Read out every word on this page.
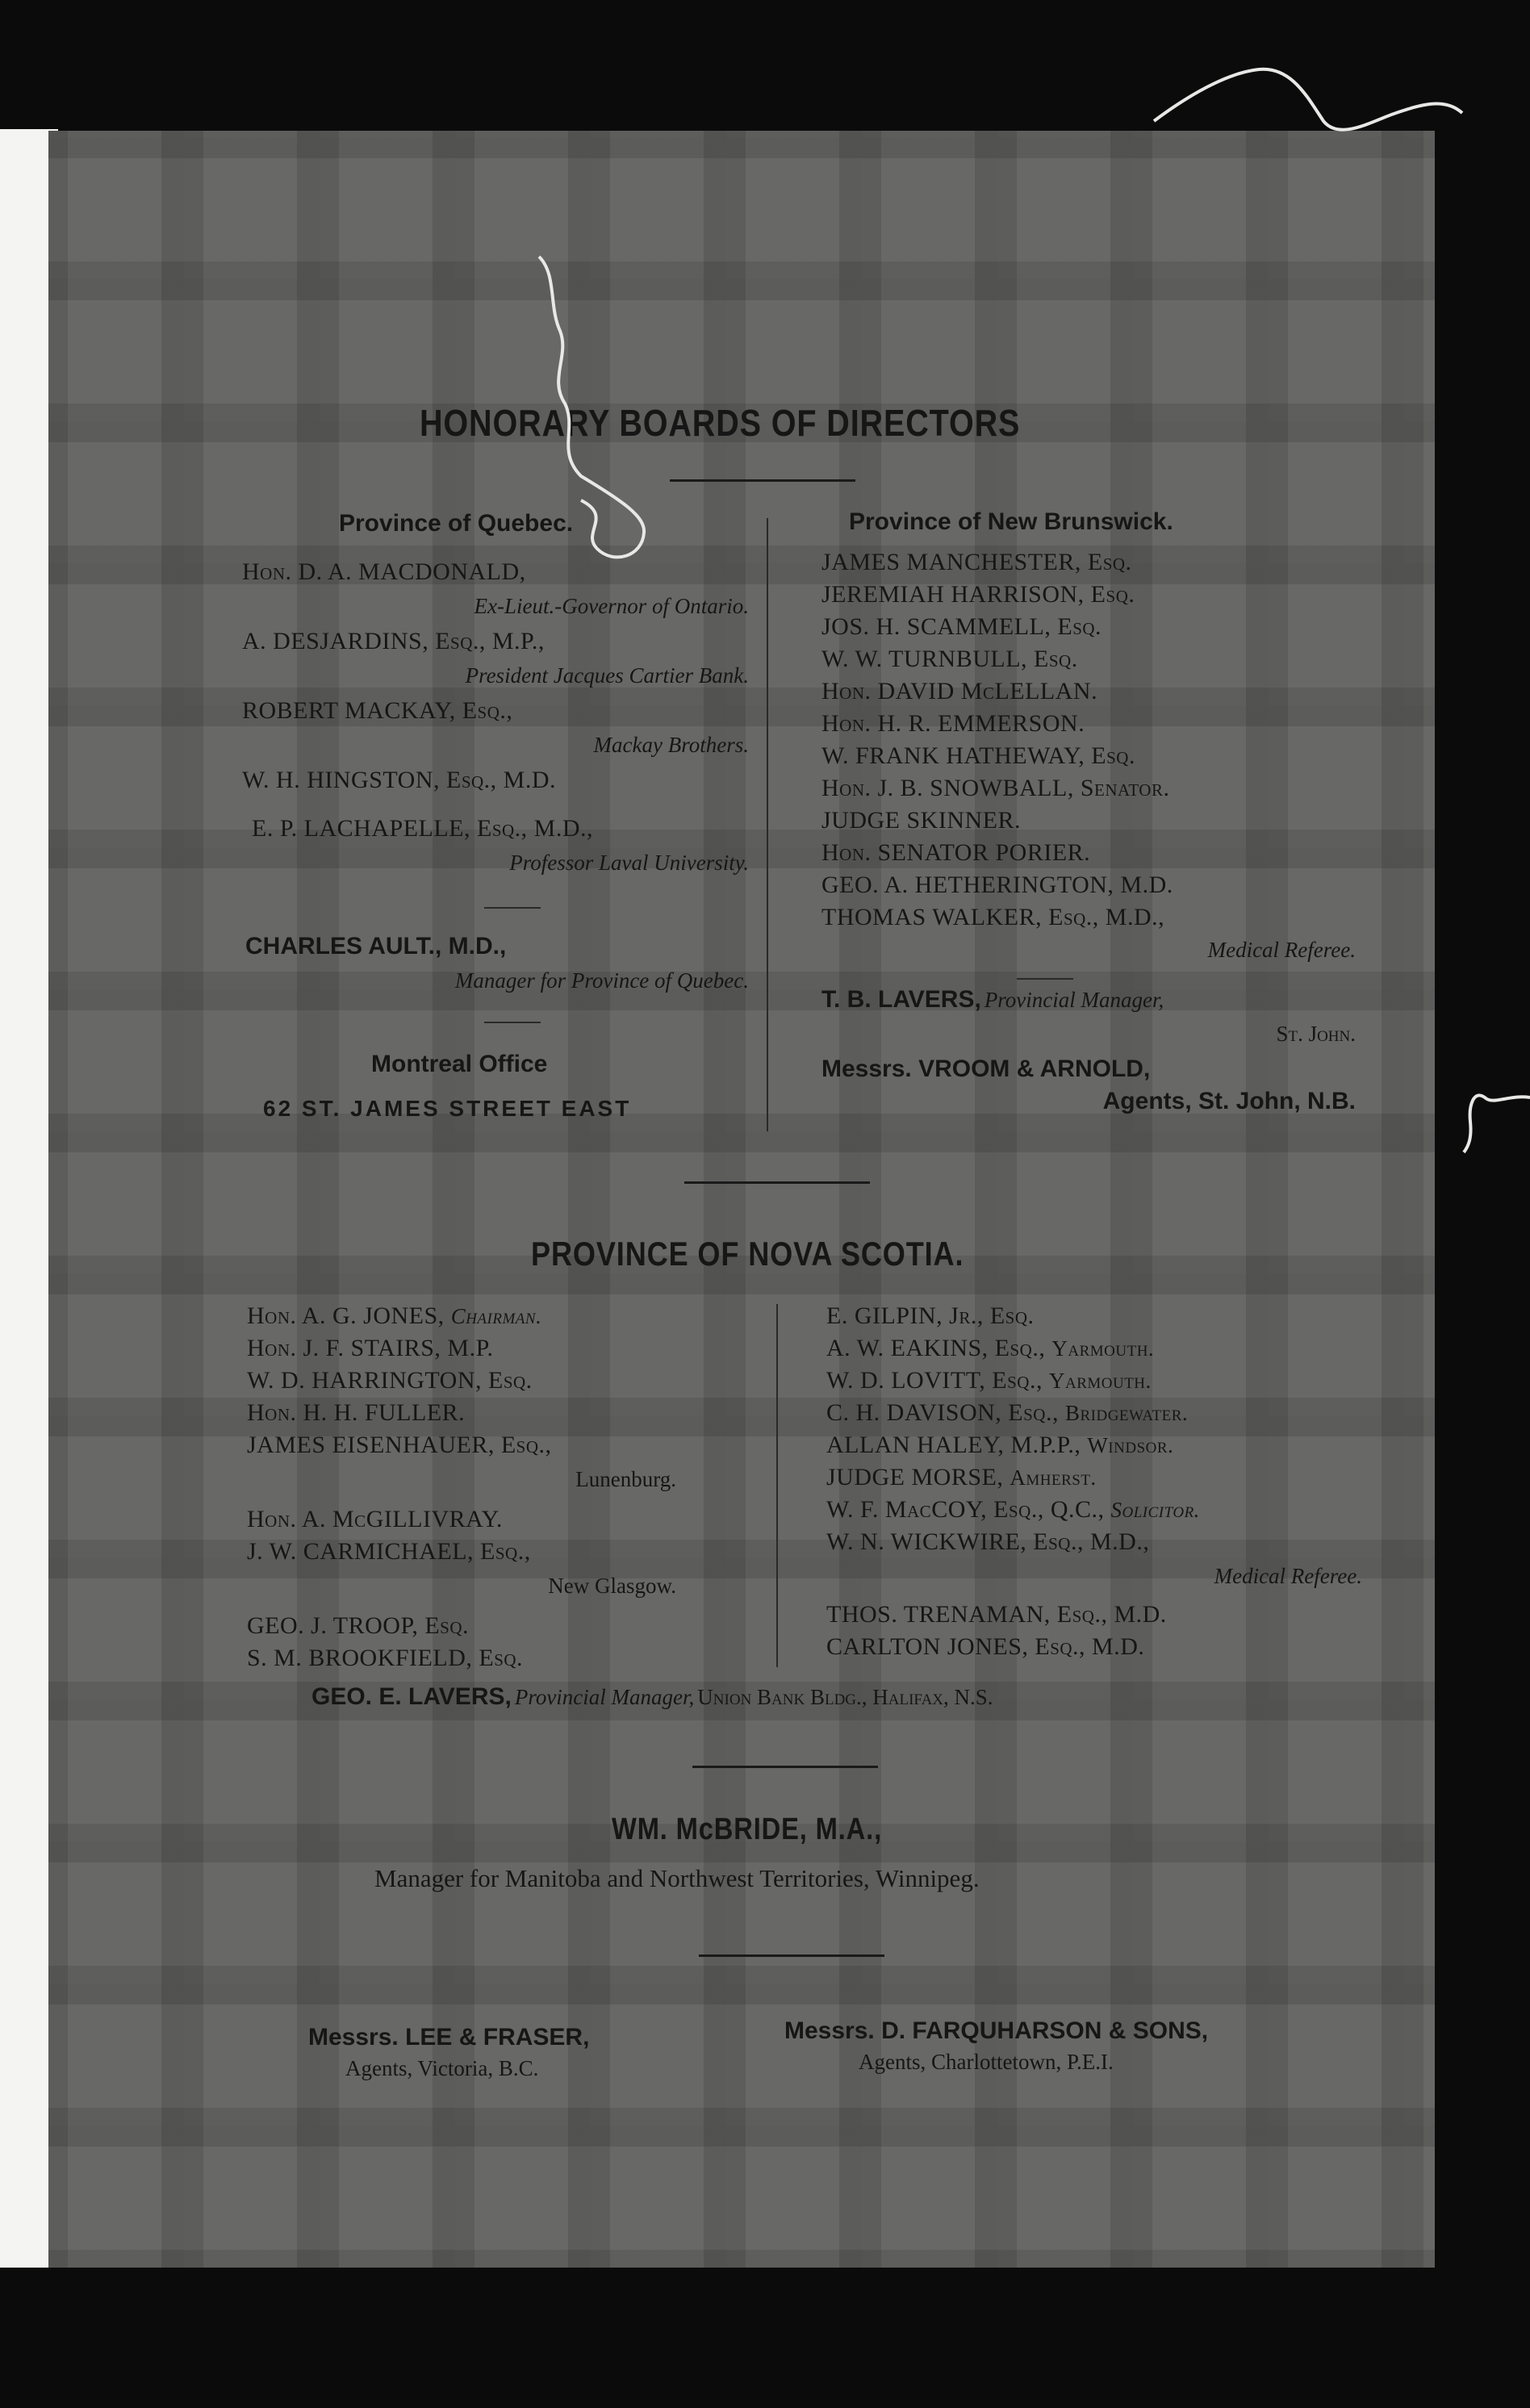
HONORARY BOARDS OF DIRECTORS
Province of Quebec.
Hon. D. A. MACDONALD,
Ex-Lieut.-Governor of Ontario.
A. DESJARDINS, Esq., M.P.,
President Jacques Cartier Bank.
ROBERT MACKAY, Esq.,
Mackay Brothers.
W. H. HINGSTON, Esq., M.D.
E. P. LACHAPELLE, Esq., M.D.,
Professor Laval University.
CHARLES AULT., M.D.,
Manager for Province of Quebec.
Montreal Office
62 ST. JAMES STREET EAST
Province of New Brunswick.
JAMES MANCHESTER, Esq.
JEREMIAH HARRISON, Esq.
JOS. H. SCAMMELL, Esq.
W. W. TURNBULL, Esq.
Hon. DAVID McLELLAN.
Hon. H. R. EMMERSON.
W. FRANK HATHEWAY, Esq.
Hon. J. B. SNOWBALL, Senator.
JUDGE SKINNER.
Hon. SENATOR PORIER.
GEO. A. HETHERINGTON, M.D.
THOMAS WALKER, Esq., M.D.,
Medical Referee.
T. B. LAVERS, Provincial Manager,
St. John.
Messrs. VROOM & ARNOLD,
Agents, St. John, N.B.
PROVINCE OF NOVA SCOTIA.
Hon. A. G. JONES, Chairman.
Hon. J. F. STAIRS, M.P.
W. D. HARRINGTON, Esq.
Hon. H. H. FULLER.
JAMES EISENHAUER, Esq.,
Lunenburg.
Hon. A. McGILLIVRAY.
J. W. CARMICHAEL, Esq.,
New Glasgow.
GEO. J. TROOP, Esq.
S. M. BROOKFIELD, Esq.
E. GILPIN, Jr., Esq.
A. W. EAKINS, Esq., Yarmouth.
W. D. LOVITT, Esq., Yarmouth.
C. H. DAVISON, Esq., Bridgewater.
ALLAN HALEY, M.P.P., Windsor.
JUDGE MORSE, Amherst.
W. F. MacCOY, Esq., Q.C., Solicitor.
W. N. WICKWIRE, Esq., M.D.,
Medical Referee.
THOS. TRENAMAN, Esq., M.D.
CARLTON JONES, Esq., M.D.
GEO. E. LAVERS, Provincial Manager, Union Bank Bldg., Halifax, N.S.
WM. McBRIDE, M.A.,
Manager for Manitoba and Northwest Territories, Winnipeg.
Messrs. LEE & FRASER,
Agents, Victoria, B.C.
Messrs. D. FARQUHARSON & SONS,
Agents, Charlottetown, P.E.I.
